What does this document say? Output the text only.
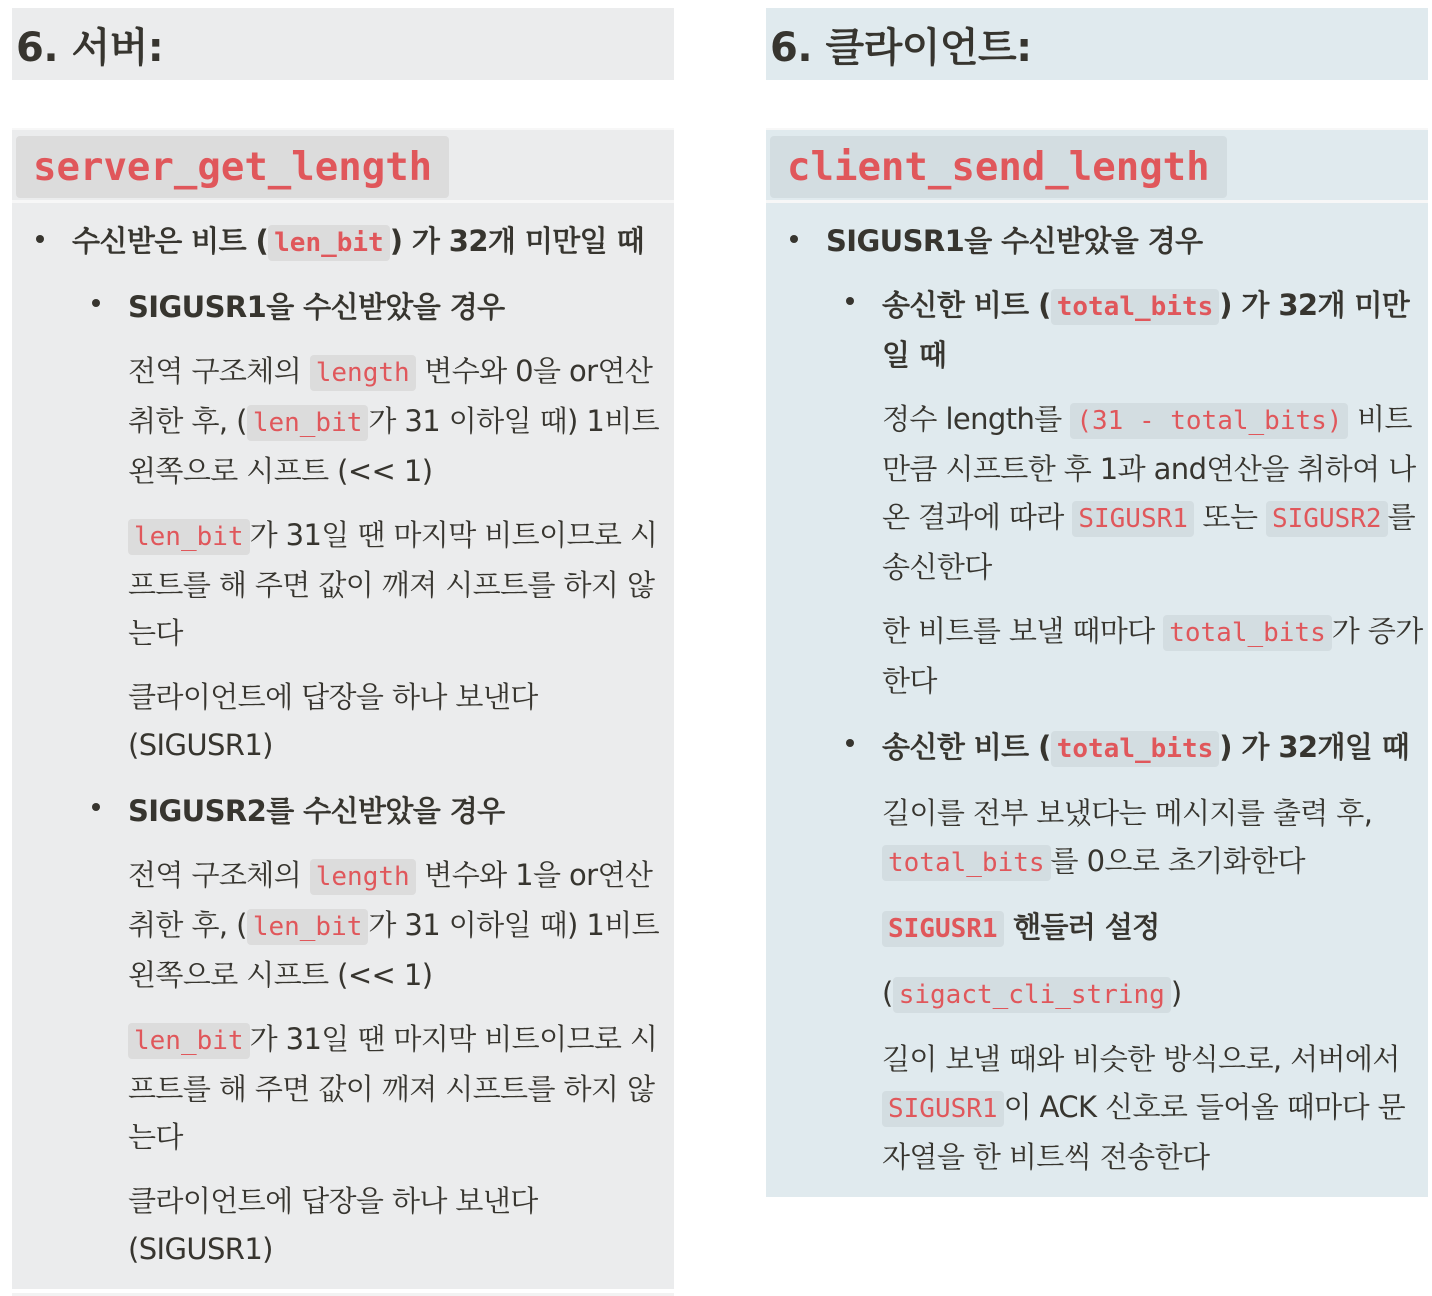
6. 서버:
server_get_length
수신받은 비트 ( len_bit ) 가 32개 미만일 때
SIGUSR1을 수신받았을 경우
전역 구조체의 length 변수와 0을 or연산 취한 후, ( len_bit 가 31 이하일 때) 1비트 왼쪽으로 시프트 (<< 1)
len_bit 가 31일 땐 마지막 비트이므로 시프트를 해 주면 값이 깨져 시프트를 하지 않는다
클라이언트에 답장을 하나 보낸다 (SIGUSR1)
SIGUSR2를 수신받았을 경우
전역 구조체의 length 변수와 1을 or연산 취한 후, ( len_bit 가 31 이하일 때) 1비트 왼쪽으로 시프트 (<< 1)
len_bit 가 31일 땐 마지막 비트이므로 시프트를 해 주면 값이 깨져 시프트를 하지 않는다
클라이언트에 답장을 하나 보낸다 (SIGUSR1)
6. 클라이언트:
client_send_length
SIGUSR1을 수신받았을 경우
송신한 비트 ( total_bits ) 가 32개 미만일 때
정수 length를 (31 - total_bits) 비트만큼 시프트한 후 1과 and연산을 취하여 나온 결과에 따라 SIGUSR1 또는 SIGUSR2 를 송신한다
한 비트를 보낼 때마다 total_bits 가 증가한다
송신한 비트 ( total_bits ) 가 32개일 때
길이를 전부 보냈다는 메시지를 출력 후, total_bits 를 0으로 초기화한다
SIGUSR1 핸들러 설정
( sigact_cli_string )
길이 보낼 때와 비슷한 방식으로, 서버에서 SIGUSR1 이 ACK 신호로 들어올 때마다 문자열을 한 비트씩 전송한다
